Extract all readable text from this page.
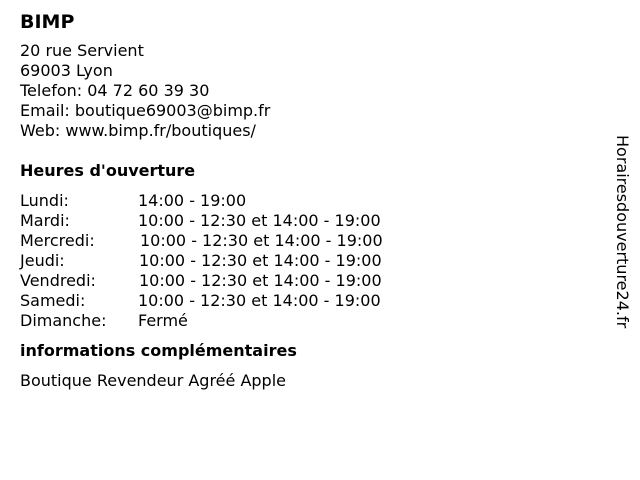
BIMP
20 rue Servient
69003 Lyon
Telefon: 04 72 60 39 30
Email: boutique69003@bimp.fr
Web: www.bimp.fr/boutiques/
Heures d'ouverture
Lundi:	14:00 - 19:00
Mardi:	10:00 - 12:30 et 14:00 - 19:00
Mercredi:	10:00 - 12:30 et 14:00 - 19:00
Jeudi:	10:00 - 12:30 et 14:00 - 19:00
Vendredi:	10:00 - 12:30 et 14:00 - 19:00
Samedi:	10:00 - 12:30 et 14:00 - 19:00
Dimanche:	Fermé
informations complémentaires
Boutique Revendeur Agréé Apple
Horairesdouverture24.fr
